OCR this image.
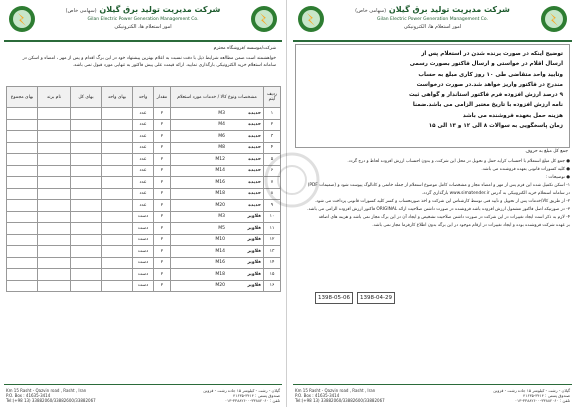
شرکت مدیریت تولید برق گیلان (سهامی خاص)
Gilan Electric Power Generation Management Co.
امور استعلام ها، الکترونیکی
شرکت/موسسه /فروشگاه محترم
خواهشمند است ضمن مطالعه شرایط ذیل با دقت نسبت به اعلام بهترین پیشنهاد خود در این برگ اقدام و پس از مهر ، امضاء و اسکن در سامانه استعلام خرید الکترونیکی بارگذاری نمایید. ارائه قیمت علی پیش فاکتور به تنهایی مورد قبول نمی باشد.
ردیف آیتم	مشخصات ونوع کالا / خدمات مورد استعلام	مقدار	واحد	بهای واحد	بهای کل	نام برند	بهای مجموع
۱	حدیدهM3	۲	عدد				
۲	حدیدهM4	۲	عدد				
۳	حدیدهM6	۲	عدد				
۴	حدیدهM8	۲	عدد				
۵	حدیدهM12	۲	عدد				
۶	حدیدهM14	۲	عدد				
۷	حدیدهM16	۲	عدد				
۸	حدیدهM18	۲	عدد				
۹	حدیدهM20	۲	عدد				
۱۰	قلاویزM3	۲	دست				
۱۱	قلاویزM5	۲	دست				
۱۲	قلاویزM10	۲	دست				
۱۳	قلاویزM14	۲	دست				
۱۴	قلاویزM16	۲	دست				
۱۵	قلاویزM18	۲	دست				
۱۶	قلاویزM20	۲	دست				
Km 15 Rasht - Qazvin road , Rasht , Iran
P.O. Box : 41635-3414
Tel:(+98 13) 33882060/33882600/33882067
گیلان - رشت - کیلومتر ۱۵ جاده رشت - قزوین
صندوق پستی : ۳۴۱۴-۴۱۶۳۵
تلفن : ۳۳۸۸۲۰۶۰-۳۳۸۸۲۶۰۰-۰۱۳
شرکت مدیریت تولید برق گیلان (سهامی خاص)
Gilan Electric Power Generation Management Co.
امور استعلام ها، الکترونیکی
توضیح اینکه در صورت برنده شدن در استعلام پس از
ارسال اقلام در خواستی و ارسال فاکتور بصورت رسمی
وتایید واحد متقاضی طی ۱۰ روز کاری مبلغ به حساب
مندرج در فاکتور واریز خواهد شد.در صورت درخواست
۹ درصد ارزش افزوده فرم فاکتور استاندار و گواهی ثبت
نامه ارزش افزوده با تاریخ معتبر الزامی می باشد.ضمنا
هزینه حمل بعهده فروشنده می باشد
زمان پاسخگویی به سوالات ۸ الی ۱۲ و ۱۳ الی ۱۵
جمع کل مبلغ به حروف

● جمع کل مبلغ استعلام با احتساب کرایه حمل و تحویل در محل این شرکت، و بدون احتساب ارزش افزوده لحاظ و درج گردد.

● کلیه کسورات قانونی بعهده فروشنده می باشد.

● توضیحات :

۱- اسکن تکمیل شده این فرم پس از مهر و امضاء مجاز و مشخصات کامل موضوع استعلام از جمله خاتمی و کاتالوگ پیوست شود و (ضمیمات PDF)

در سامانه استعلام خرید الکترونیکی به آدرس www.simatender.ir بارگذاری گردد.

۲- از طریق کالا/خدمات پس از تحویل و تأیید فنی توسط کارشناس این شرکت و اخذ صورتحساب و کسر کلیه کسورات قانونی پرداخت می شود.

۳- در صورتیکه اصل فاکتور مشمول ارزش افزوده باشد فروشنده در صورت داشتن صلاحیت ارائه ORIGINAL فاکتور ارزش افزوده الزامی می باشد.

۴- لازم به ذکر است ایجاد تغییرات در این شرکت در صورت داشتن صلاحیت تشخیص و ایجاد آن در این برگ مجاز نمی باشد و هزینه های اضافه

بر عهده شرکت فروشنده بوده و ایجاد تغییرات در ارقام موجود در این برگه بدون اطلاع کارفرما مجاز نمی باشد.

1398-05-06	1398-04-29
Km 15 Rasht - Qazvin road , Rasht , Iran
P.O. Box : 41635-3414
Tel:(+98 13) 33882060/33882600/33882067
گیلان - رشت - کیلومتر ۱۵ جاده رشت - قزوین
صندوق پستی : ۳۴۱۴-۴۱۶۳۵
تلفن : ۳۳۸۸۲۰۶۰-۳۳۸۸۲۶۰۰-۰۱۳
